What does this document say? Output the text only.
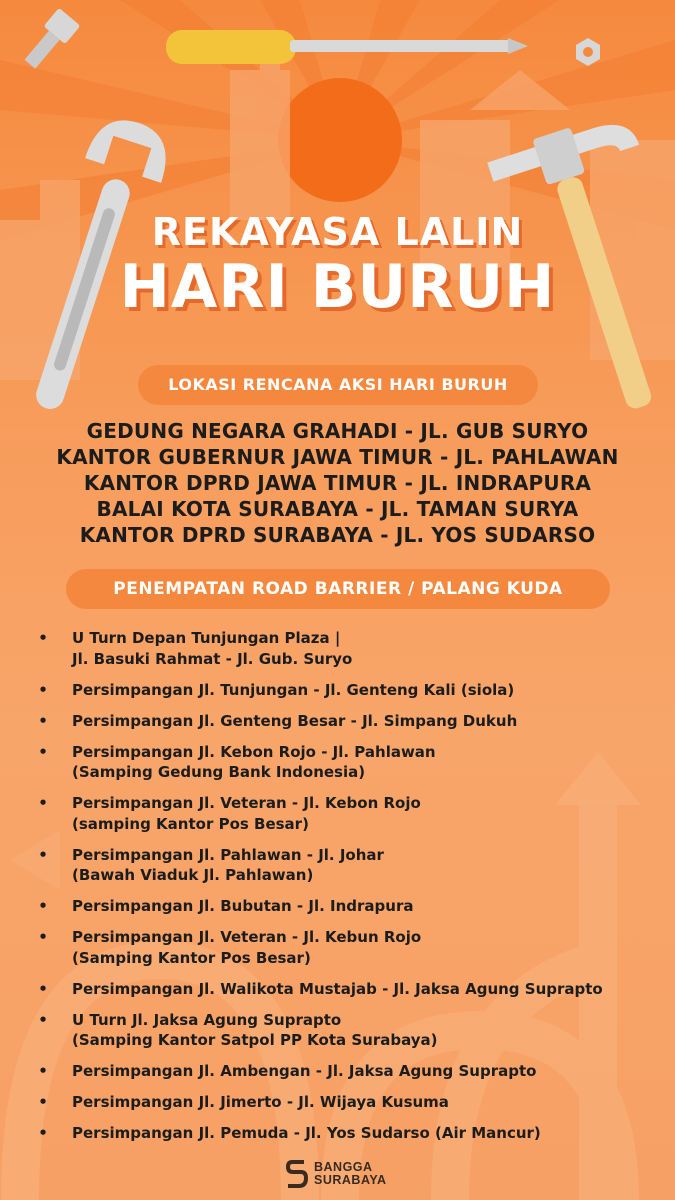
REKAYASA LALIN
HARI BURUH
LOKASI RENCANA AKSI HARI BURUH
GEDUNG NEGARA GRAHADI - JL. GUB SURYO
KANTOR GUBERNUR JAWA TIMUR - JL. PAHLAWAN
KANTOR DPRD JAWA TIMUR - JL. INDRAPURA
BALAI KOTA SURABAYA - JL. TAMAN SURYA
KANTOR DPRD SURABAYA - JL. YOS SUDARSO
PENEMPATAN ROAD BARRIER / PALANG KUDA
• U Turn Depan Tunjungan Plaza |
Jl. Basuki Rahmat - Jl. Gub. Suryo
• Persimpangan Jl. Tunjungan - Jl. Genteng Kali (siola)
• Persimpangan Jl. Genteng Besar - Jl. Simpang Dukuh
• Persimpangan Jl. Kebon Rojo - Jl. Pahlawan
(Samping Gedung Bank Indonesia)
• Persimpangan Jl. Veteran - Jl. Kebon Rojo
(samping Kantor Pos Besar)
• Persimpangan Jl. Pahlawan - Jl. Johar
(Bawah Viaduk Jl. Pahlawan)
• Persimpangan Jl. Bubutan - Jl. Indrapura
• Persimpangan Jl. Veteran - Jl. Kebun Rojo
(Samping Kantor Pos Besar)
• Persimpangan Jl. Walikota Mustajab - Jl. Jaksa Agung Suprapto
• U Turn Jl. Jaksa Agung Suprapto
(Samping Kantor Satpol PP Kota Surabaya)
• Persimpangan Jl. Ambengan - Jl. Jaksa Agung Suprapto
• Persimpangan Jl. Jimerto - Jl. Wijaya Kusuma
• Persimpangan Jl. Pemuda - Jl. Yos Sudarso (Air Mancur)
BANGGA
SURABAYA
